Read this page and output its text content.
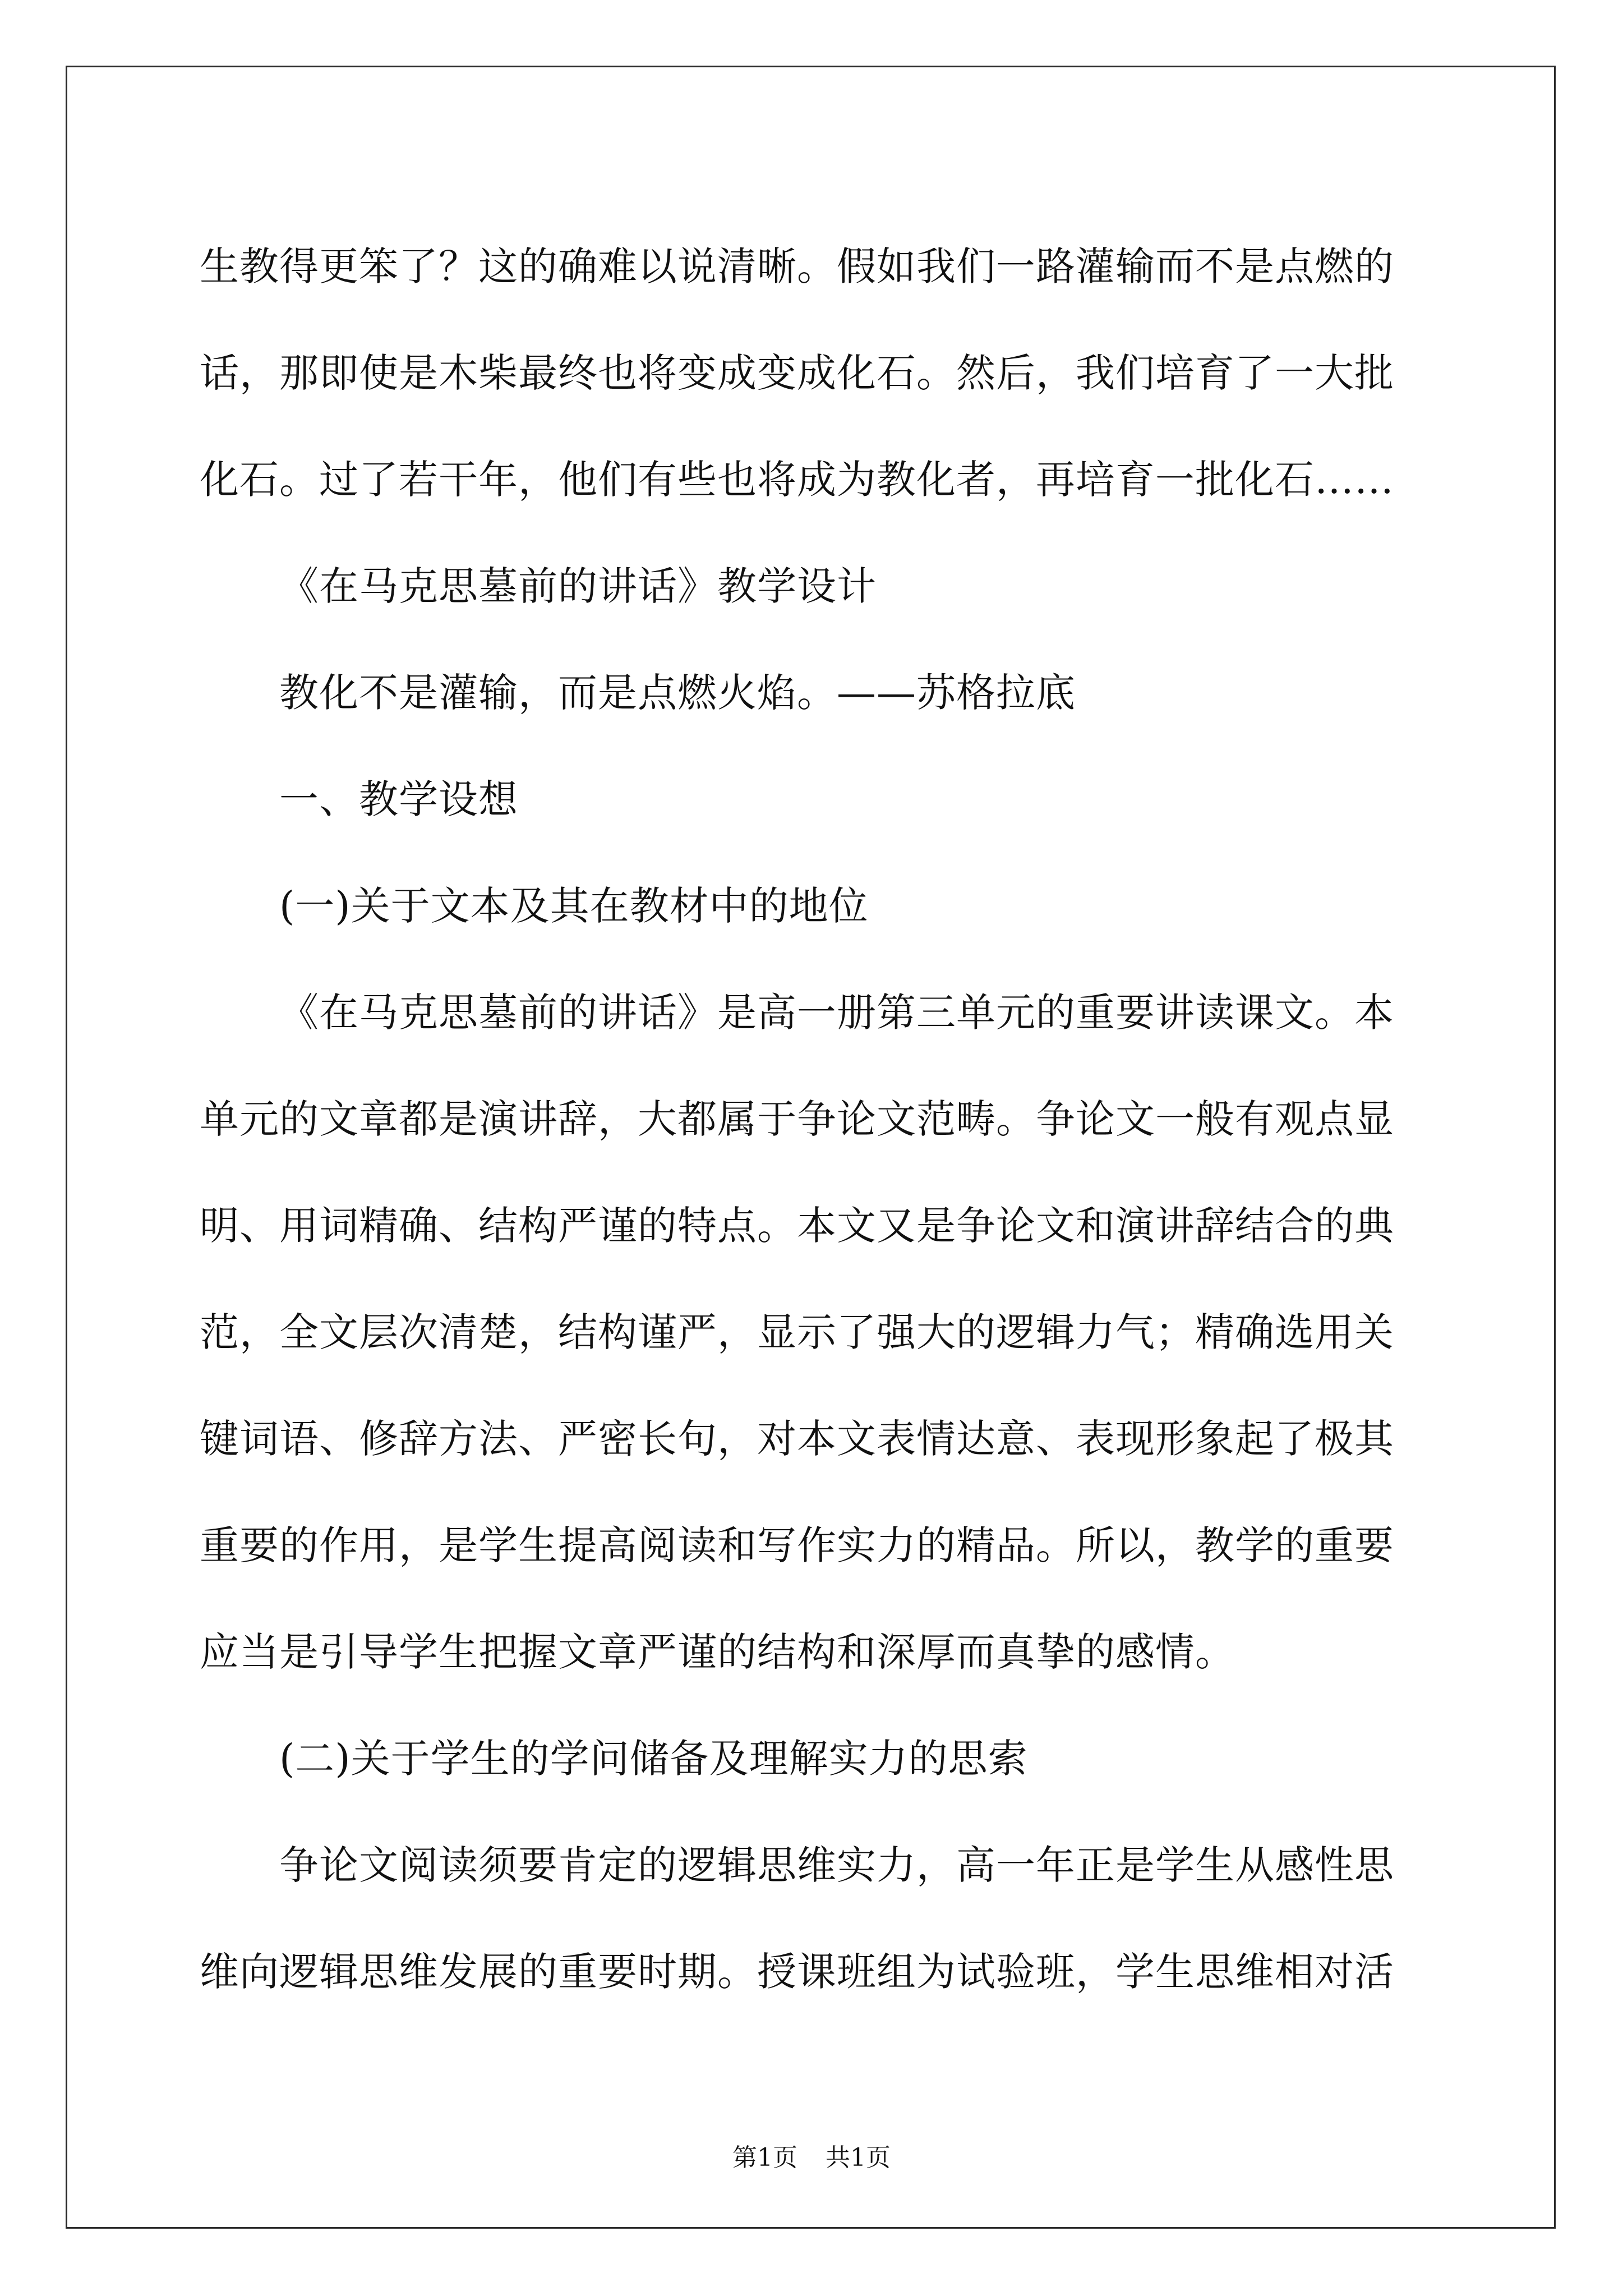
生教得更笨了？这的确难以说清晰。假如我们一路灌输而不是点燃的
话，那即使是木柴最终也将变成变成化石。然后，我们培育了一大批
化石。过了若干年，他们有些也将成为教化者，再培育一批化石……
《在马克思墓前的讲话》教学设计
教化不是灌输，而是点燃火焰。——苏格拉底
一、教学设想
(一)关于文本及其在教材中的地位
《在马克思墓前的讲话》是高一册第三单元的重要讲读课文。本
单元的文章都是演讲辞，大都属于争论文范畴。争论文一般有观点显
明、用词精确、结构严谨的特点。本文又是争论文和演讲辞结合的典
范，全文层次清楚，结构谨严，显示了强大的逻辑力气；精确选用关
键词语、修辞方法、严密长句，对本文表情达意、表现形象起了极其
重要的作用，是学生提高阅读和写作实力的精品。所以，教学的重要
应当是引导学生把握文章严谨的结构和深厚而真挚的感情。
(二)关于学生的学问储备及理解实力的思索
争论文阅读须要肯定的逻辑思维实力，高一年正是学生从感性思
维向逻辑思维发展的重要时期。授课班组为试验班，学生思维相对活
第1页 共1页
